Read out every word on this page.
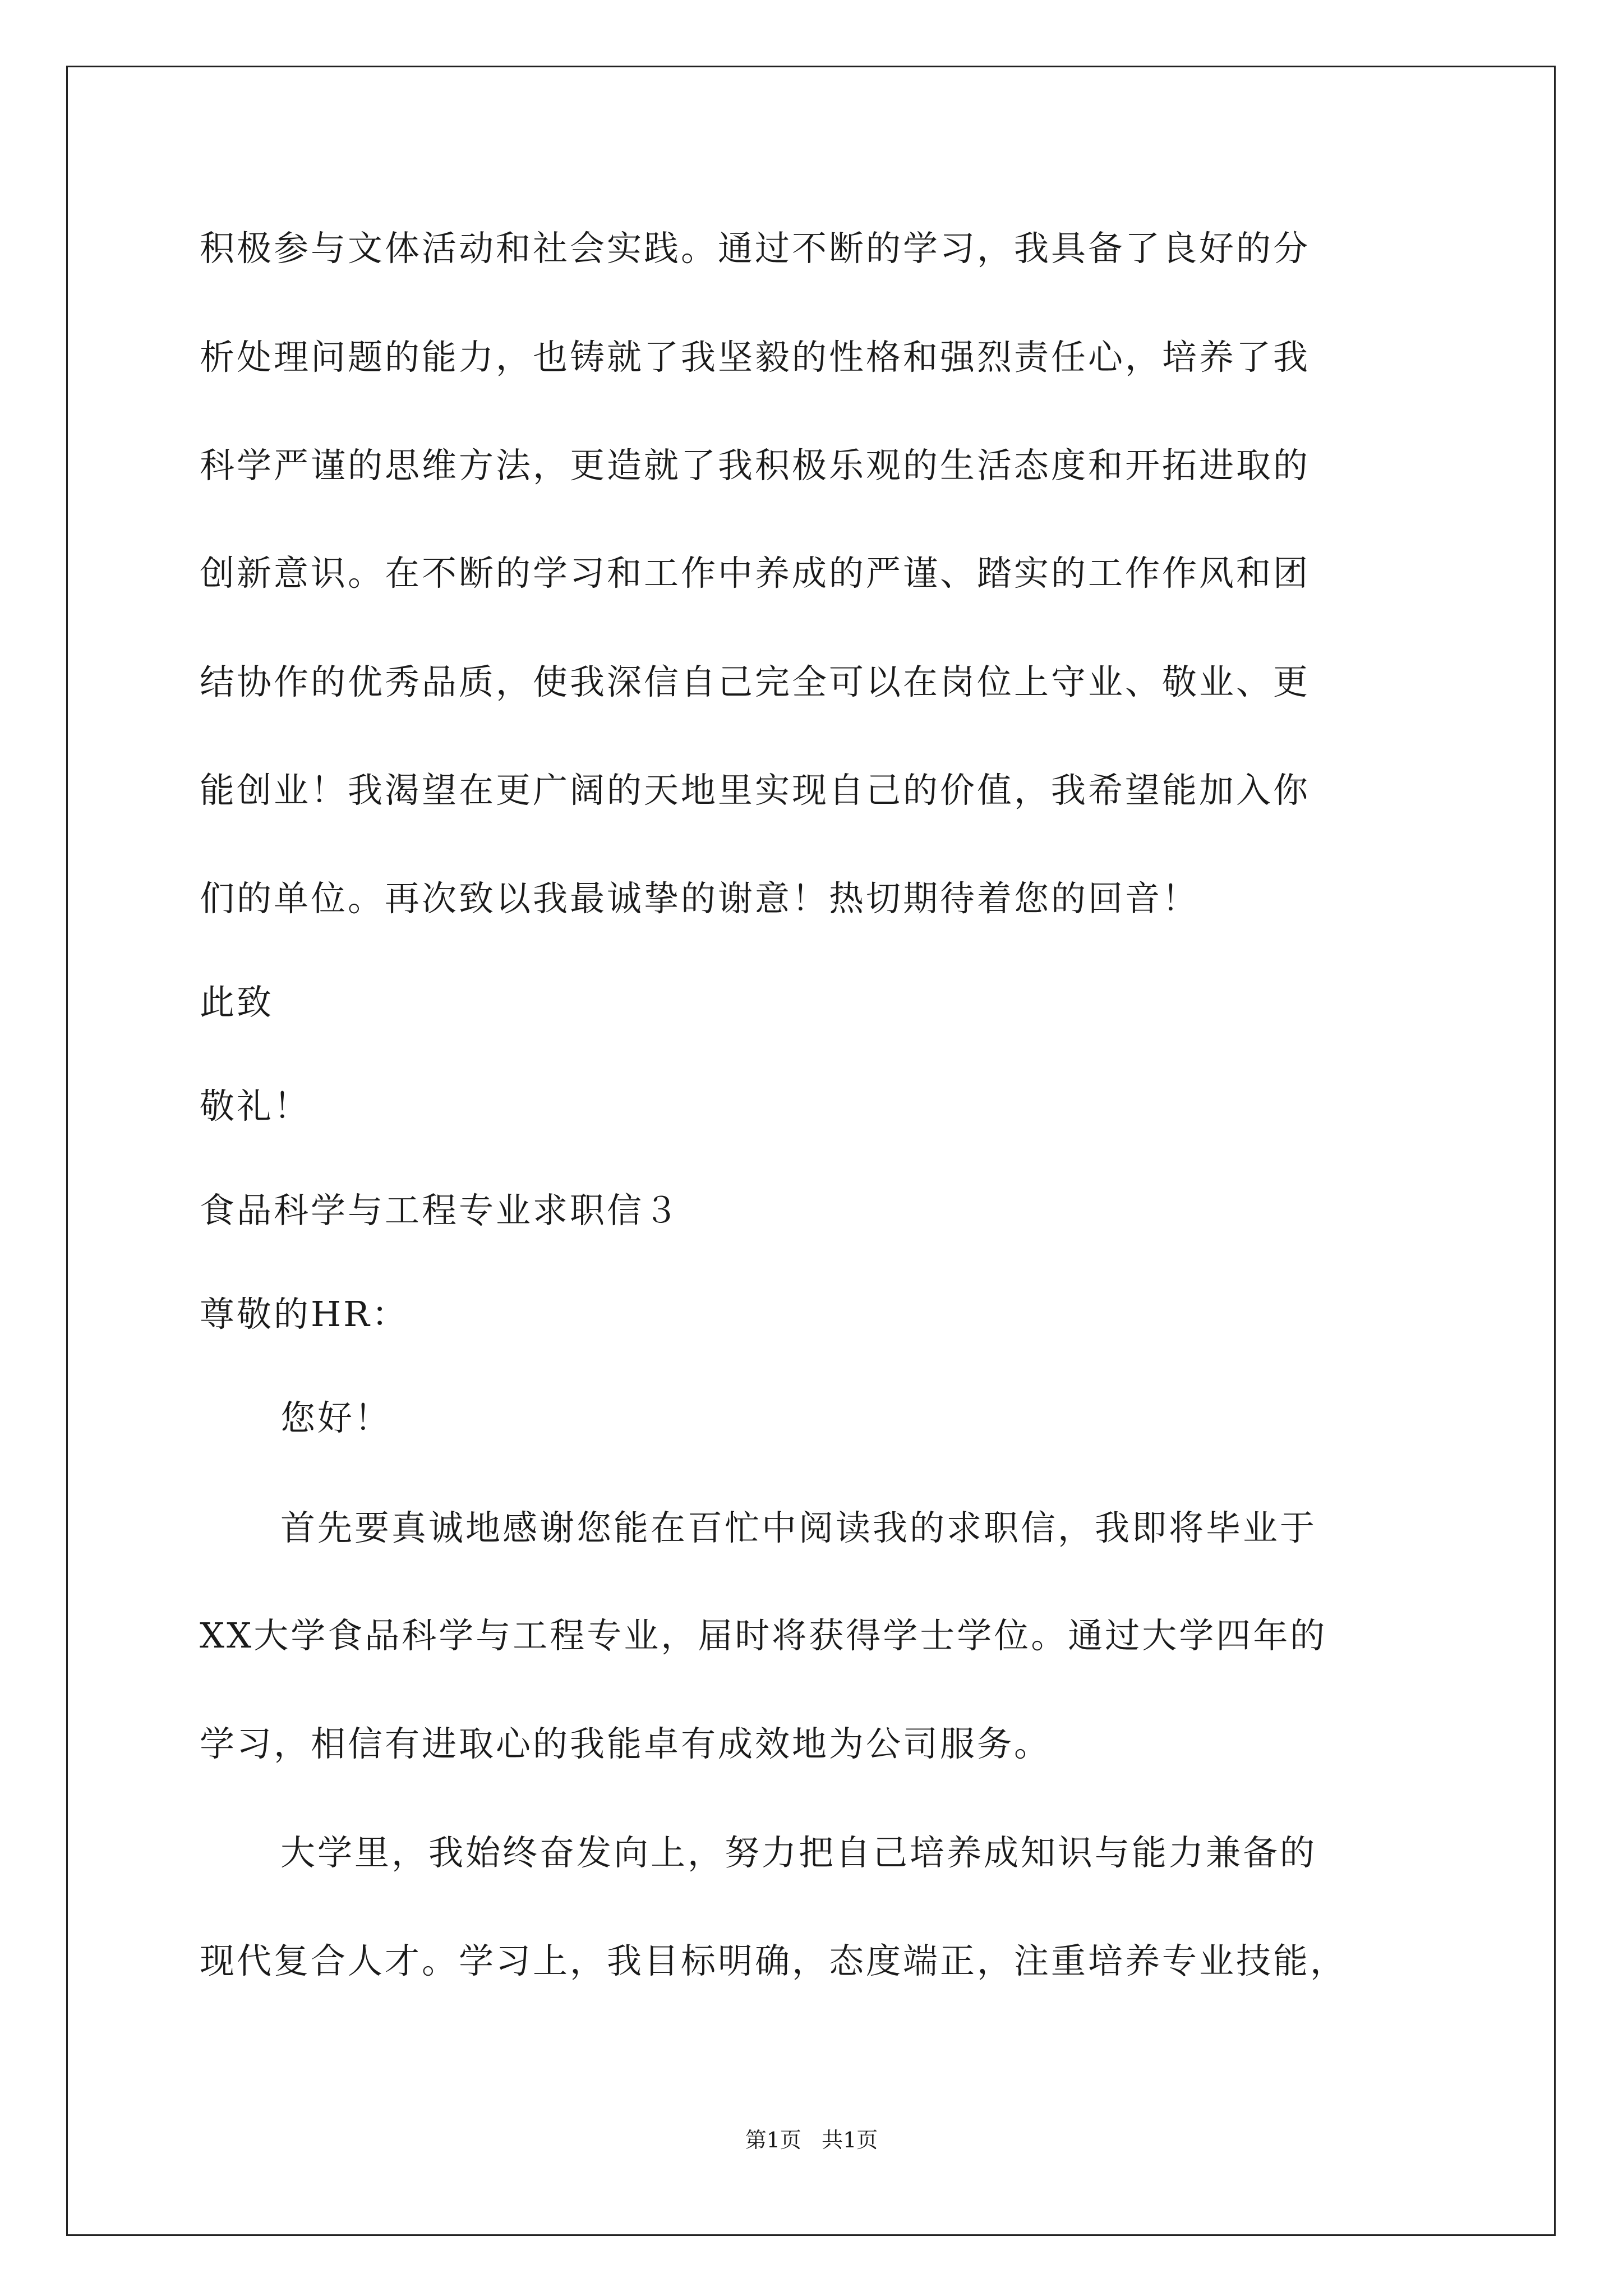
积极参与文体活动和社会实践。通过不断的学习，我具备了良好的分
析处理问题的能力，也铸就了我坚毅的性格和强烈责任心，培养了我
科学严谨的思维方法，更造就了我积极乐观的生活态度和开拓进取的
创新意识。在不断的学习和工作中养成的严谨、踏实的工作作风和团
结协作的优秀品质，使我深信自己完全可以在岗位上守业、敬业、更
能创业！我渴望在更广阔的天地里实现自己的价值，我希望能加入你
们的单位。再次致以我最诚挚的谢意！热切期待着您的回音！
此致
敬礼！
食品科学与工程专业求职信３
尊敬的HR：
您好！
首先要真诚地感谢您能在百忙中阅读我的求职信，我即将毕业于
XX大学食品科学与工程专业，届时将获得学士学位。通过大学四年的
学习，相信有进取心的我能卓有成效地为公司服务。
大学里，我始终奋发向上，努力把自己培养成知识与能力兼备的
现代复合人才。学习上，我目标明确，态度端正，注重培养专业技能，
第1页   共1页
